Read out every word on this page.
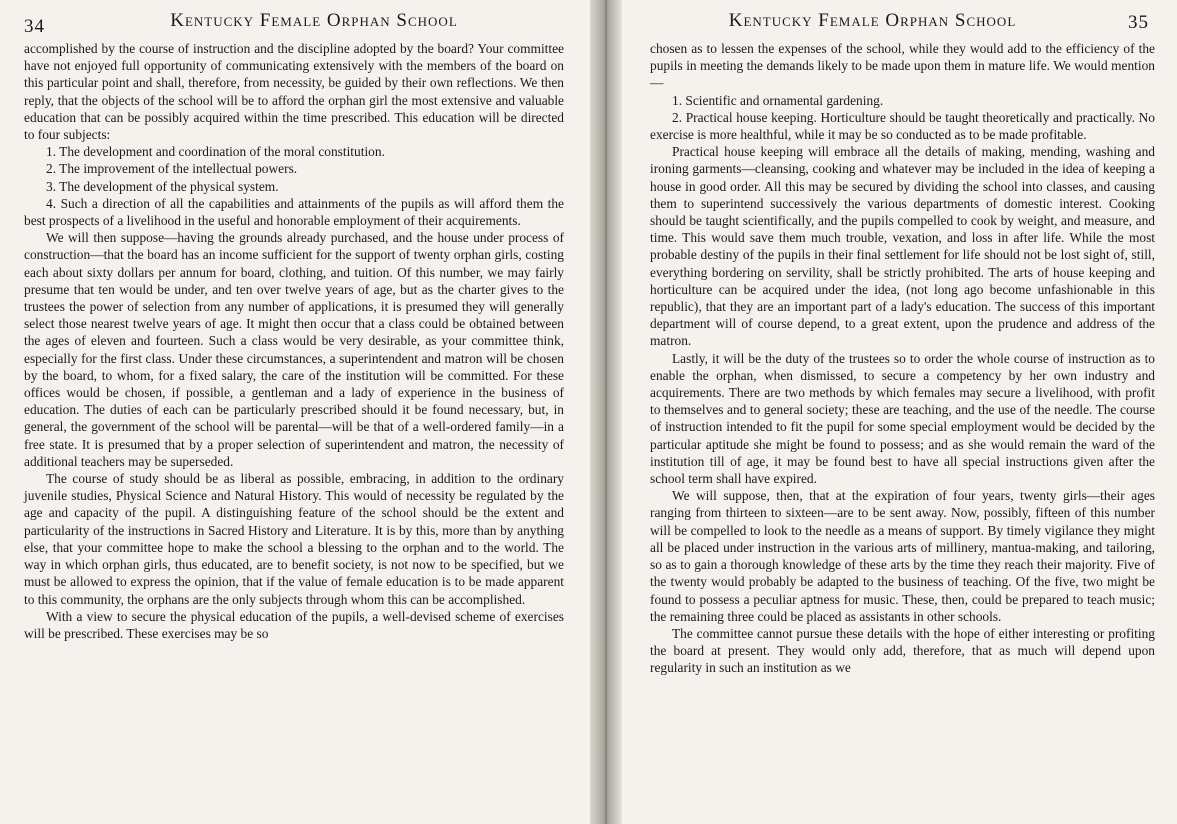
34	Kentucky Female Orphan School

accomplished by the course of instruction and the discipline adopted by the board? Your committee have not enjoyed full opportunity of communicating extensively with the members of the board on this particular point and shall, therefore, from necessity, be guided by their own reflections. We then reply, that the objects of the school will be to afford the orphan girl the most extensive and valuable education that can be possibly acquired within the time prescribed. This education will be directed to four subjects:

1. The development and coordination of the moral constitution.

2. The improvement of the intellectual powers.

3. The development of the physical system.

4. Such a direction of all the capabilities and attainments of the pupils as will afford them the best prospects of a livelihood in the useful and honorable employment of their acquirements.

We will then suppose—having the grounds already purchased, and the house under process of construction—that the board has an income sufficient for the support of twenty orphan girls, costing each about sixty dollars per annum for board, clothing, and tuition. Of this number, we may fairly presume that ten would be under, and ten over twelve years of age, but as the charter gives to the trustees the power of selection from any number of applications, it is presumed they will generally select those nearest twelve years of age. It might then occur that a class could be obtained between the ages of eleven and fourteen. Such a class would be very desirable, as your committee think, especially for the first class. Under these circumstances, a superintendent and matron will be chosen by the board, to whom, for a fixed salary, the care of the institution will be committed. For these offices would be chosen, if possible, a gentleman and a lady of experience in the business of education. The duties of each can be particularly prescribed should it be found necessary, but, in general, the government of the school will be parental—will be that of a well-ordered family—in a free state. It is presumed that by a proper selection of superintendent and matron, the necessity of additional teachers may be superseded.

The course of study should be as liberal as possible, embracing, in addition to the ordinary juvenile studies, Physical Science and Natural History. This would of necessity be regulated by the age and capacity of the pupil. A distinguishing feature of the school should be the extent and particularity of the instructions in Sacred History and Literature. It is by this, more than by anything else, that your committee hope to make the school a blessing to the orphan and to the world. The way in which orphan girls, thus educated, are to benefit society, is not now to be specified, but we must be allowed to express the opinion, that if the value of female education is to be made apparent to this community, the orphans are the only subjects through whom this can be accomplished.

With a view to secure the physical education of the pupils, a well-devised scheme of exercises will be prescribed. These exercises may be so

Kentucky Female Orphan School	35

chosen as to lessen the expenses of the school, while they would add to the efficiency of the pupils in meeting the demands likely to be made upon them in mature life. We would mention—

1. Scientific and ornamental gardening.

2. Practical house keeping. Horticulture should be taught theoretically and practically. No exercise is more healthful, while it may be so conducted as to be made profitable.

Practical house keeping will embrace all the details of making, mending, washing and ironing garments—cleansing, cooking and whatever may be included in the idea of keeping a house in good order. All this may be secured by dividing the school into classes, and causing them to superintend successively the various departments of domestic interest. Cooking should be taught scientifically, and the pupils compelled to cook by weight, and measure, and time. This would save them much trouble, vexation, and loss in after life. While the most probable destiny of the pupils in their final settlement for life should not be lost sight of, still, everything bordering on servility, shall be strictly prohibited. The arts of house keeping and horticulture can be acquired under the idea, (not long ago become unfashionable in this republic), that they are an important part of a lady's education. The success of this important department will of course depend, to a great extent, upon the prudence and address of the matron.

Lastly, it will be the duty of the trustees so to order the whole course of instruction as to enable the orphan, when dismissed, to secure a competency by her own industry and acquirements. There are two methods by which females may secure a livelihood, with profit to themselves and to general society; these are teaching, and the use of the needle. The course of instruction intended to fit the pupil for some special employment would be decided by the particular aptitude she might be found to possess; and as she would remain the ward of the institution till of age, it may be found best to have all special instructions given after the school term shall have expired.

We will suppose, then, that at the expiration of four years, twenty girls—their ages ranging from thirteen to sixteen—are to be sent away. Now, possibly, fifteen of this number will be compelled to look to the needle as a means of support. By timely vigilance they might all be placed under instruction in the various arts of millinery, mantua-making, and tailoring, so as to gain a thorough knowledge of these arts by the time they reach their majority. Five of the twenty would probably be adapted to the business of teaching. Of the five, two might be found to possess a peculiar aptness for music. These, then, could be prepared to teach music; the remaining three could be placed as assistants in other schools.

The committee cannot pursue these details with the hope of either interesting or profiting the board at present. They would only add, therefore, that as much will depend upon regularity in such an institution as we
